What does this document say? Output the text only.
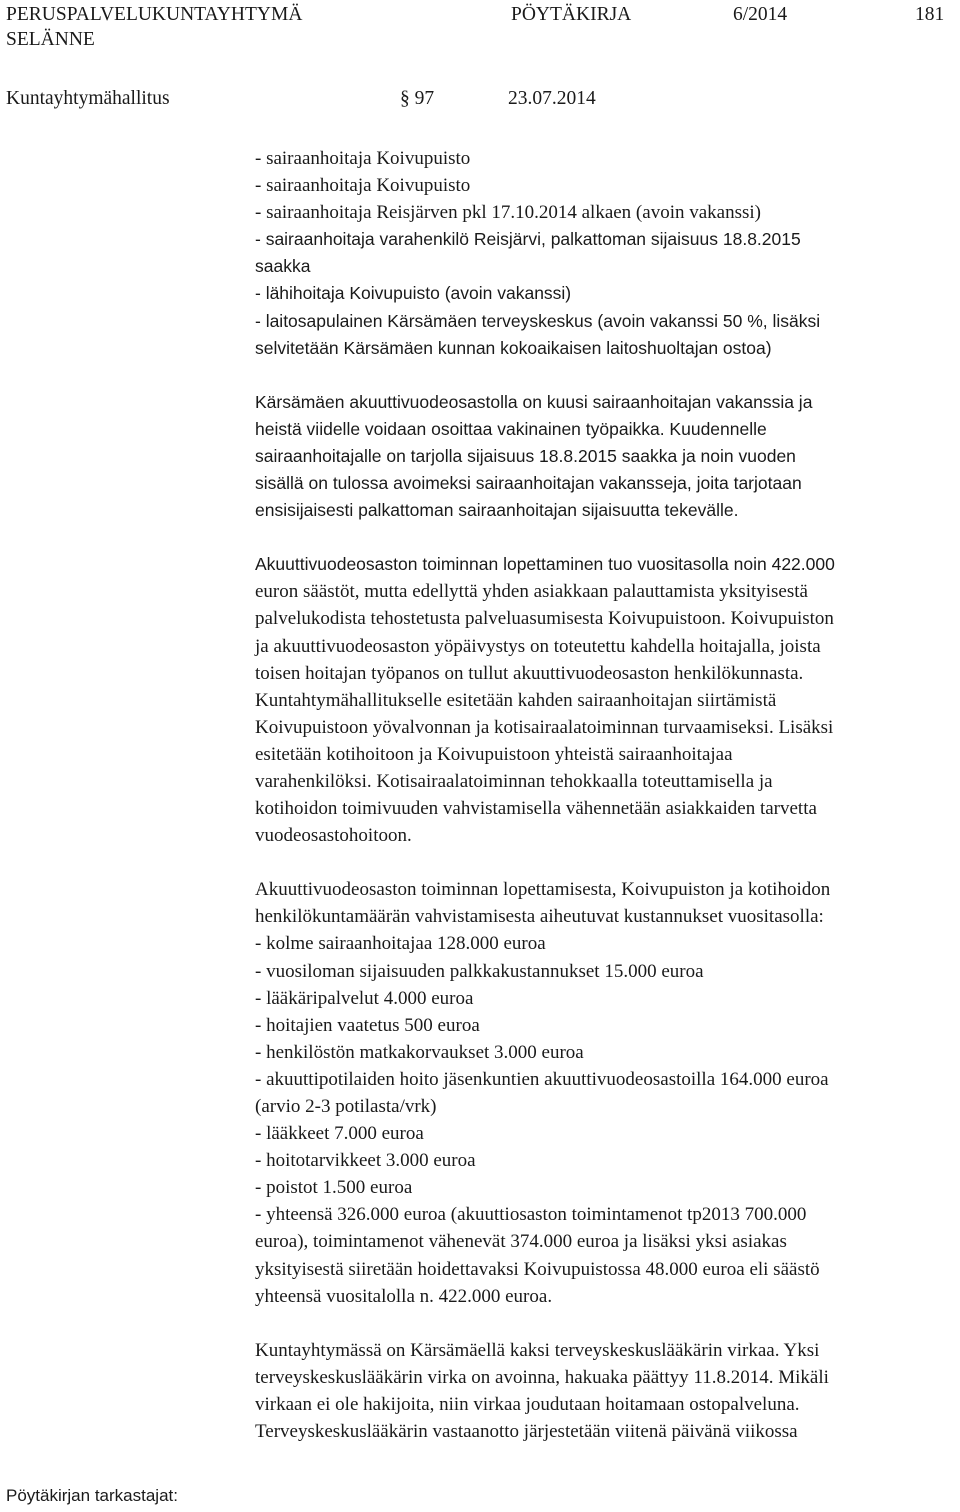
PERUSPALVELUKUNTAYHTYMÄ
SELÄNNE
PÖYTÄKIRJA	6/2014	181
Kuntayhtymähallitus	§ 97	23.07.2014
- sairaanhoitaja Koivupuisto
- sairaanhoitaja Koivupuisto
- sairaanhoitaja Reisjärven pkl 17.10.2014 alkaen (avoin vakanssi)
- sairaanhoitaja varahenkilö Reisjärvi, palkattoman sijaisuus 18.8.2015
saakka
- lähihoitaja Koivupuisto (avoin vakanssi)
- laitosapulainen Kärsämäen terveyskeskus (avoin vakanssi 50 %, lisäksi
selvitetään Kärsämäen kunnan kokoaikaisen laitoshuoltajan ostoa)
Kärsämäen akuuttivuodeosastolla on kuusi sairaanhoitajan vakanssia ja
heistä viidelle voidaan osoittaa vakinainen työpaikka. Kuudennelle
sairaanhoitajalle on tarjolla sijaisuus 18.8.2015 saakka ja noin vuoden
sisällä on tulossa avoimeksi sairaanhoitajan vakansseja, joita tarjotaan
ensisijaisesti palkattoman sairaanhoitajan sijaisuutta tekevälle.
Akuuttivuodeosaston toiminnan lopettaminen tuo vuositasolla noin 422.000
euron säästöt, mutta edellyttä yhden asiakkaan palauttamista yksityisestä
palvelukodista tehostetusta palveluasumisesta Koivupuistoon. Koivupuiston
ja akuuttivuodeosaston yöpäivystys on toteutettu kahdella hoitajalla, joista
toisen hoitajan työpanos on tullut akuuttivuodeosaston henkilökunnasta.
Kuntahtymähallitukselle esitetään kahden sairaanhoitajan siirtämistä
Koivupuistoon yövalvonnan ja kotisairaalatoiminnan turvaamiseksi. Lisäksi
esitetään kotihoitoon ja Koivupuistoon yhteistä sairaanhoitajaa
varahenkilöksi. Kotisairaalatoiminnan tehokkaalla toteuttamisella ja
kotihoidon toimivuuden vahvistamisella vähennetään asiakkaiden tarvetta
vuodeosastohoitoon.
Akuuttivuodeosaston toiminnan lopettamisesta, Koivupuiston ja kotihoidon
henkilökuntamäärän vahvistamisesta aiheutuvat kustannukset vuositasolla:
- kolme sairaanhoitajaa 128.000 euroa
- vuosiloman sijaisuuden palkkakustannukset 15.000 euroa
- lääkäripalvelut 4.000 euroa
- hoitajien vaatetus 500 euroa
- henkilöstön matkakorvaukset 3.000 euroa
- akuuttipotilaiden hoito jäsenkuntien akuuttivuodeosastoilla 164.000 euroa
(arvio 2-3 potilasta/vrk)
- lääkkeet 7.000 euroa
- hoitotarvikkeet 3.000 euroa
- poistot 1.500 euroa
- yhteensä 326.000 euroa (akuuttiosaston toimintamenot tp2013 700.000
euroa), toimintamenot vähenevät 374.000 euroa ja lisäksi yksi asiakas
yksityisestä siiretään hoidettavaksi Koivupuistossa 48.000 euroa eli säästö
yhteensä vuositalolla n. 422.000 euroa.
Kuntayhtymässä on Kärsämäellä kaksi terveyskeskuslääkärin virkaa. Yksi
terveyskeskuslääkärin virka on avoinna, hakuaka päättyy 11.8.2014. Mikäli
virkaan ei ole hakijoita, niin virkaa joudutaan hoitamaan ostopalveluna.
Terveyskeskuslääkärin vastaanotto järjestetään viitenä päivänä viikossa
Pöytäkirjan tarkastajat:
